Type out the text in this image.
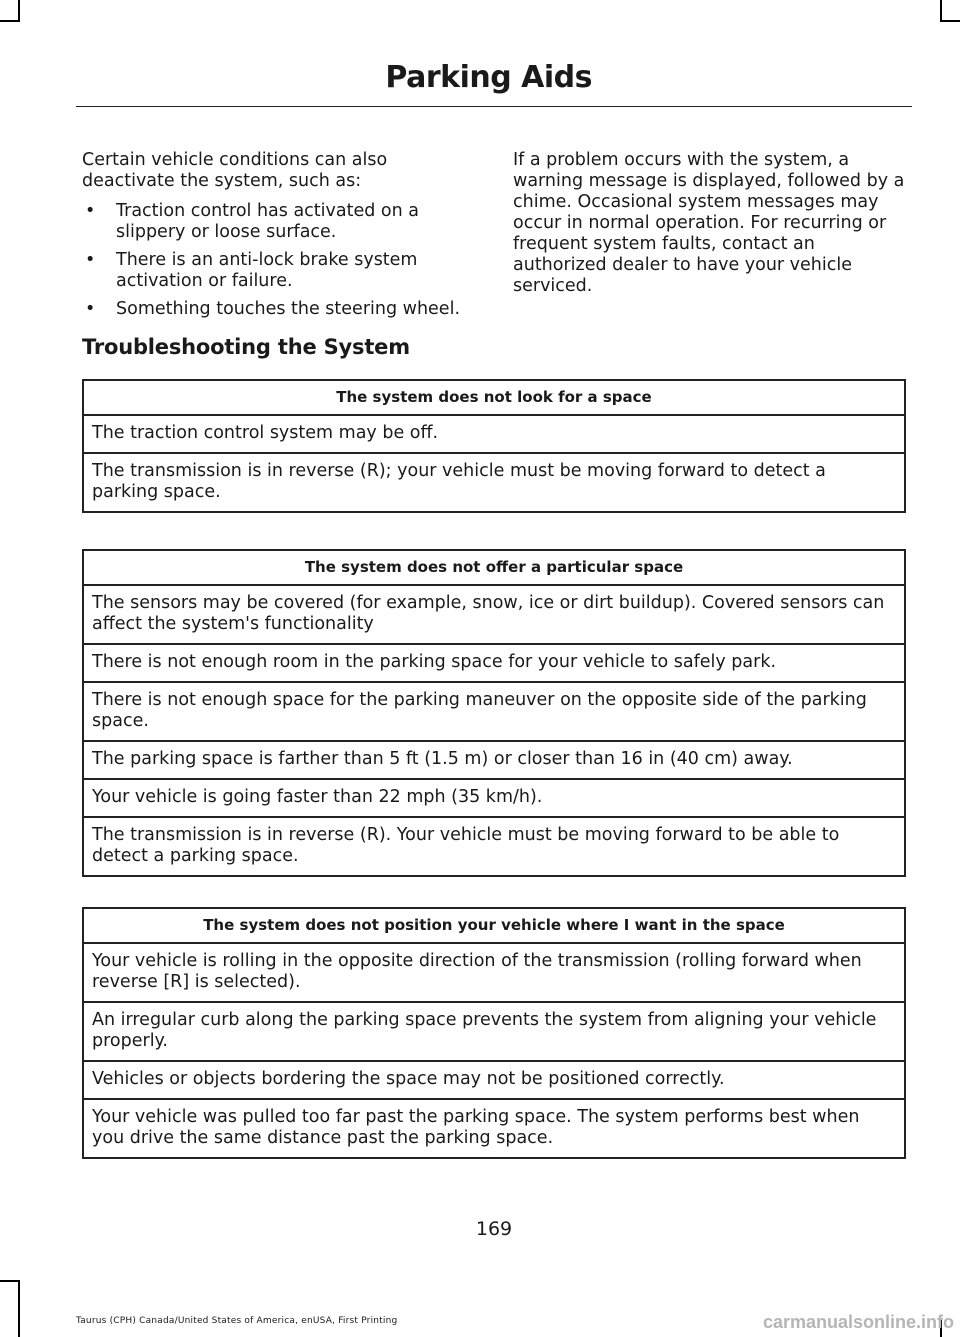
Parking Aids

Certain vehicle conditions can also deactivate the system, such as:

• Traction control has activated on a slippery or loose surface.
• There is an anti-lock brake system activation or failure.
• Something touches the steering wheel.

If a problem occurs with the system, a warning message is displayed, followed by a chime. Occasional system messages may occur in normal operation. For recurring or frequent system faults, contact an authorized dealer to have your vehicle serviced.

Troubleshooting the System
The system does not look for a space
The traction control system may be off.
The transmission is in reverse (R); your vehicle must be moving forward to detect a parking space.
The system does not offer a particular space
The sensors may be covered (for example, snow, ice or dirt buildup). Covered sensors can affect the system's functionality
There is not enough room in the parking space for your vehicle to safely park.
There is not enough space for the parking maneuver on the opposite side of the parking space.
The parking space is farther than 5 ft (1.5 m) or closer than 16 in (40 cm) away.
Your vehicle is going faster than 22 mph (35 km/h).
The transmission is in reverse (R). Your vehicle must be moving forward to be able to detect a parking space.
The system does not position your vehicle where I want in the space
Your vehicle is rolling in the opposite direction of the transmission (rolling forward when reverse [R] is selected).
An irregular curb along the parking space prevents the system from aligning your vehicle properly.
Vehicles or objects bordering the space may not be positioned correctly.
Your vehicle was pulled too far past the parking space. The system performs best when you drive the same distance past the parking space.
169
Taurus (CPH) Canada/United States of America, enUSA, First Printing	carmanualsonline.info
